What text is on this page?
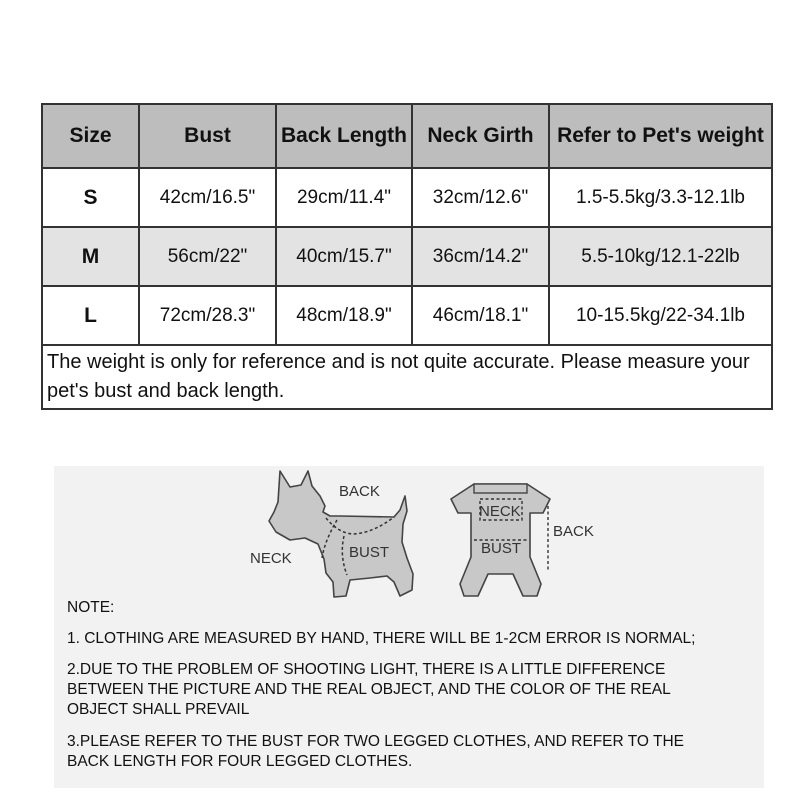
Size	Bust	Back Length	Neck Girth	Refer to Pet's weight
S	42cm/16.5"	29cm/11.4"	32cm/12.6"	1.5-5.5kg/3.3-12.1lb
M	56cm/22"	40cm/15.7"	36cm/14.2"	5.5-10kg/12.1-22lb
L	72cm/28.3"	48cm/18.9"	46cm/18.1"	10-15.5kg/22-34.1lb
The weight is only for reference and is not quite accurate. Please measure your pet's bust and back length.				
BACK
NECK	BUST
NECK
BUST
BACK
NOTE:
1. CLOTHING ARE MEASURED BY HAND, THERE WILL BE 1-2CM ERROR IS NORMAL;
2.DUE TO THE PROBLEM OF SHOOTING LIGHT, THERE IS A LITTLE DIFFERENCE BETWEEN THE PICTURE AND THE REAL OBJECT, AND THE COLOR OF THE REAL OBJECT SHALL PREVAIL
3.PLEASE REFER TO THE BUST FOR TWO LEGGED CLOTHES, AND REFER TO THE BACK LENGTH FOR FOUR LEGGED CLOTHES.
